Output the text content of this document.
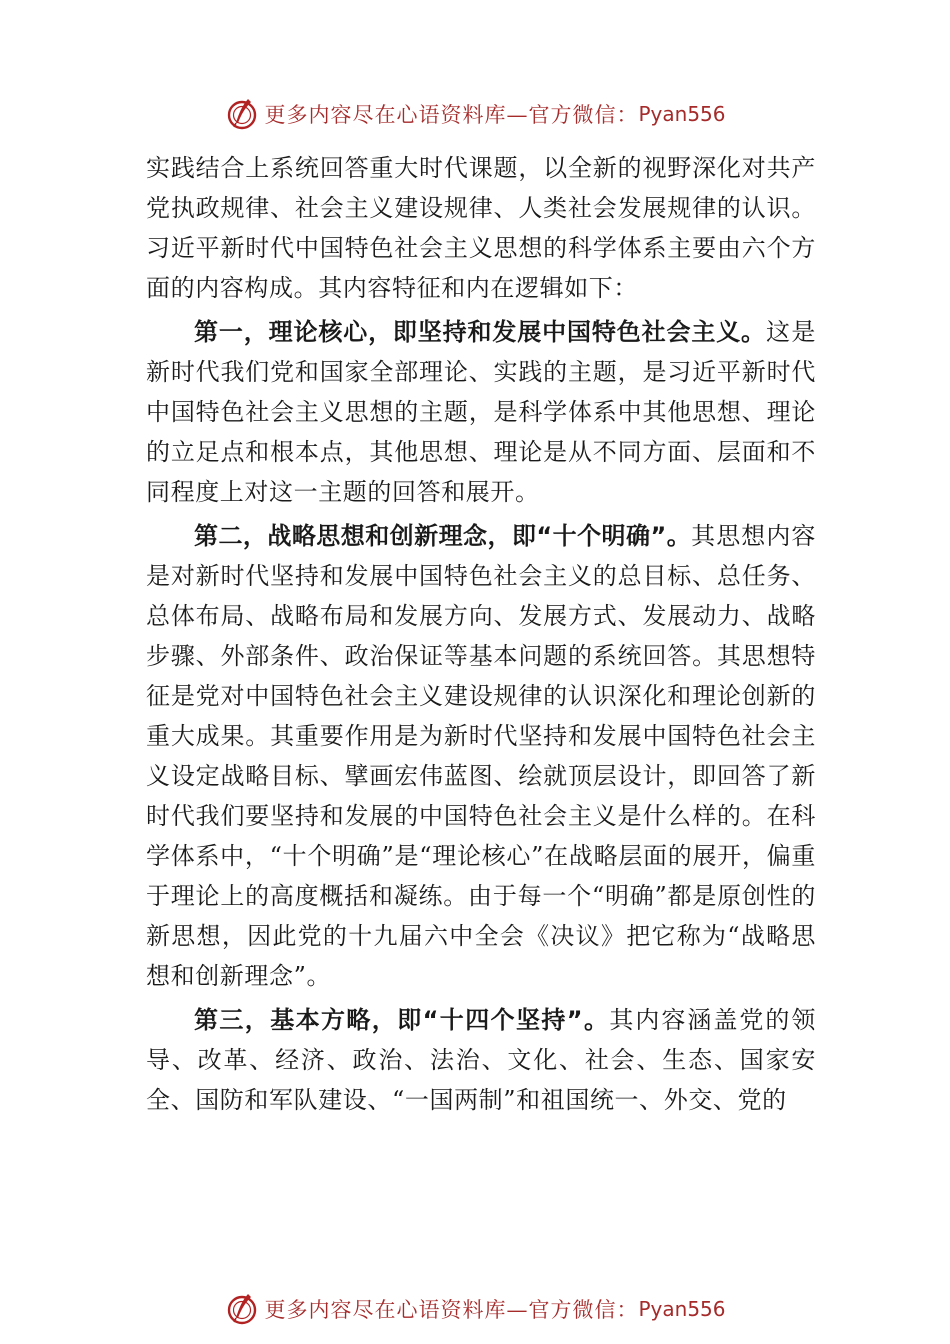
更多内容尽在心语资料库—官方微信： Pyan556

实践结合上系统回答重大时代课题，以全新的视野深化对共产党执政规律、社会主义建设规律、人类社会发展规律的认识。习近平新时代中国特色社会主义思想的科学体系主要由六个方面的内容构成。其内容特征和内在逻辑如下：

第一，理论核心，即坚持和发展中国特色社会主义。这是新时代我们党和国家全部理论、实践的主题，是习近平新时代中国特色社会主义思想的主题，是科学体系中其他思想、理论的立足点和根本点，其他思想、理论是从不同方面、层面和不同程度上对这一主题的回答和展开。

第二，战略思想和创新理念，即“十个明确”。其思想内容是对新时代坚持和发展中国特色社会主义的总目标、总任务、总体布局、战略布局和发展方向、发展方式、发展动力、战略步骤、外部条件、政治保证等基本问题的系统回答。其思想特征是党对中国特色社会主义建设规律的认识深化和理论创新的重大成果。其重要作用是为新时代坚持和发展中国特色社会主义设定战略目标、擘画宏伟蓝图、绘就顶层设计，即回答了新时代我们要坚持和发展的中国特色社会主义是什么样的。在科学体系中，“十个明确”是“理论核心”在战略层面的展开，偏重于理论上的高度概括和凝练。由于每一个“明确”都是原创性的新思想，因此党的十九届六中全会《决议》把它称为“战略思想和创新理念”。

第三，基本方略，即“十四个坚持”。其内容涵盖党的领导、改革、经济、政治、法治、文化、社会、生态、国家安全、国防和军队建设、“一国两制”和祖国统一、外交、党的

更多内容尽在心语资料库—官方微信： Pyan556
